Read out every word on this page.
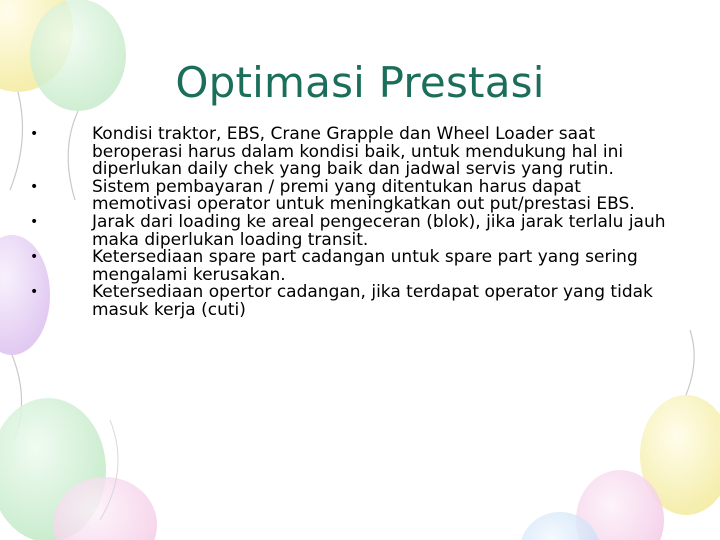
Optimasi Prestasi
•	Kondisi traktor, EBS, Crane Grapple dan Wheel Loader saat beroperasi harus dalam kondisi baik, untuk mendukung hal ini diperlukan daily chek yang baik dan jadwal servis yang rutin.
•	Sistem pembayaran / premi yang ditentukan harus dapat memotivasi operator untuk meningkatkan out put/prestasi EBS.
•	Jarak dari loading ke areal pengeceran (blok), jika jarak terlalu jauh maka diperlukan loading transit.
•	Ketersediaan spare part cadangan untuk spare part yang sering mengalami kerusakan.
•	Ketersediaan opertor cadangan, jika terdapat operator yang tidak masuk kerja (cuti)
